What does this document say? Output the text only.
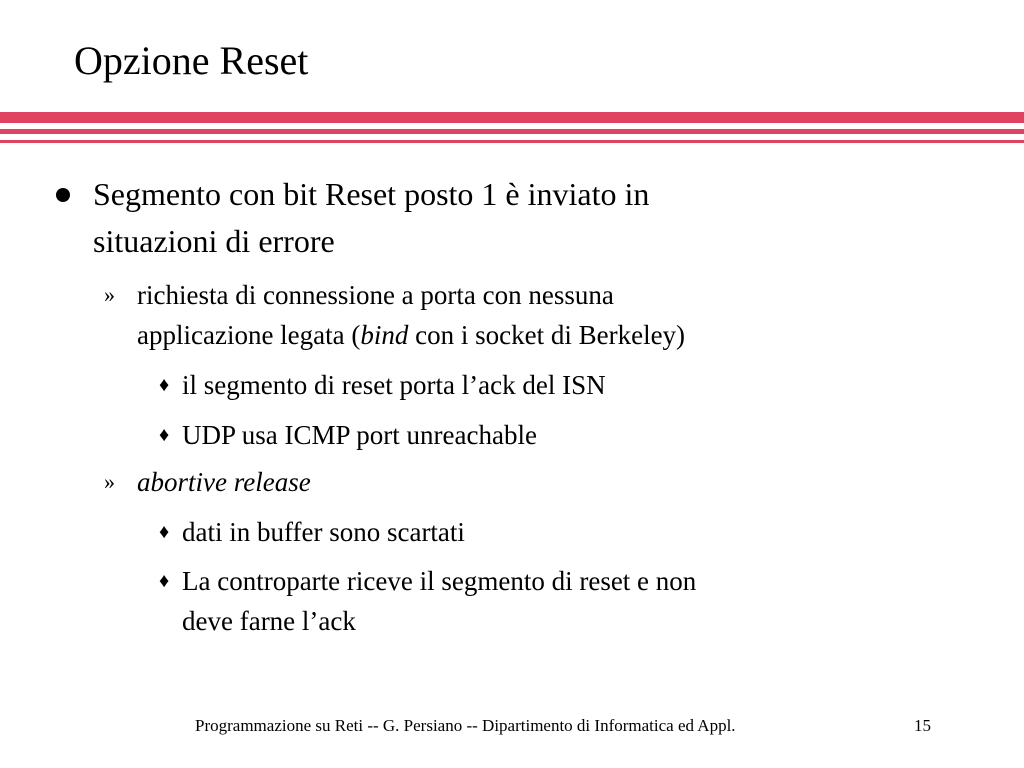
Opzione Reset
Segmento con bit Reset posto 1 è inviato in
situazioni di errore
» richiesta di connessione a porta con nessuna
applicazione legata (bind con i socket di Berkeley)
♦ il segmento di reset porta l’ack del ISN
♦ UDP usa ICMP port unreachable
» abortive release
♦ dati in buffer sono scartati
♦ La controparte riceve il segmento di reset e non
deve farne l’ack
Programmazione su Reti -- G. Persiano -- Dipartimento di Informatica ed Appl.	15
